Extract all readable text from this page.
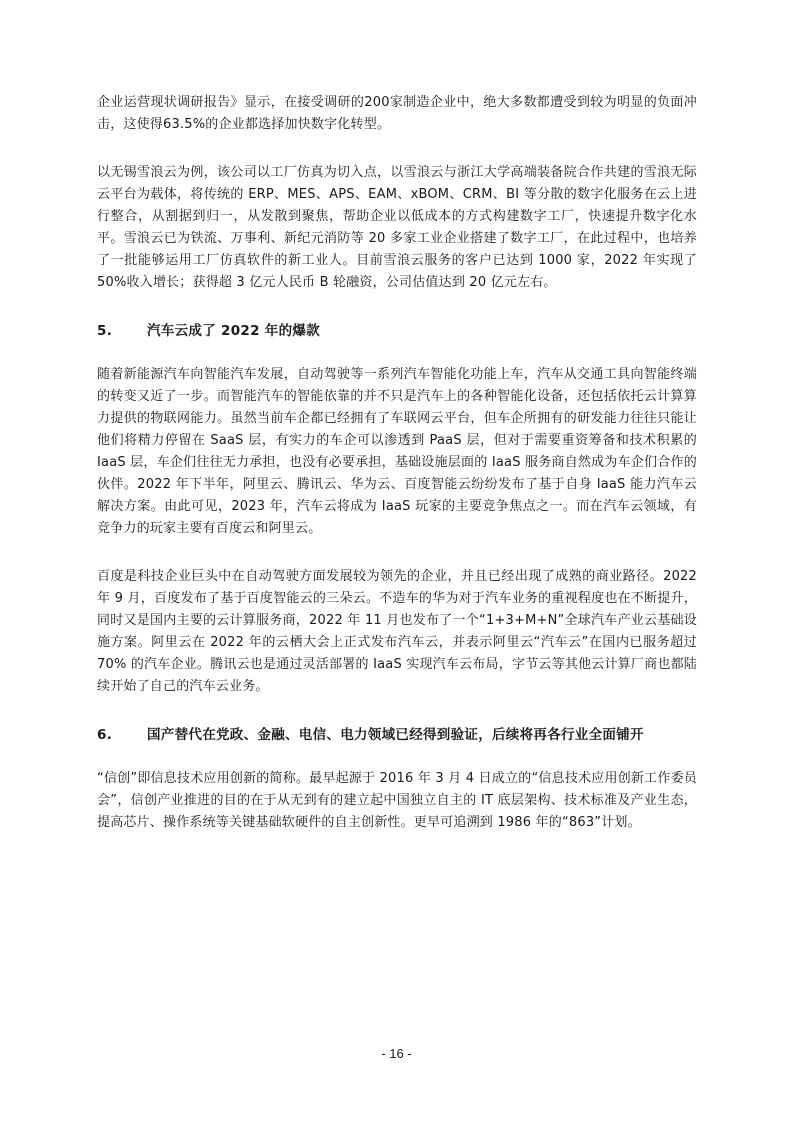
企业运营现状调研报告》显示，在接受调研的200家制造企业中，绝大多数都遭受到较为明显的负面冲击，这使得63.5%的企业都选择加快数字化转型。

以无锡雪浪云为例，该公司以工厂仿真为切入点，以雪浪云与浙江大学高端装备院合作共建的雪浪无际云平台为载体，将传统的 ERP、MES、APS、EAM、xBOM、CRM、BI 等分散的数字化服务在云上进行整合，从割据到归一，从发散到聚焦，帮助企业以低成本的方式构建数字工厂，快速提升数字化水平。雪浪云已为铁流、万事利、新纪元消防等 20 多家工业企业搭建了数字工厂，在此过程中，也培养了一批能够运用工厂仿真软件的新工业人。目前雪浪云服务的客户已达到 1000 家，2022 年实现了 50%收入增长；获得超 3 亿元人民币 B 轮融资，公司估值达到 20 亿元左右。

5.	汽车云成了 2022 年的爆款

随着新能源汽车向智能汽车发展，自动驾驶等一系列汽车智能化功能上车，汽车从交通工具向智能终端的转变又近了一步。而智能汽车的智能依靠的并不只是汽车上的各种智能化设备，还包括依托云计算算力提供的物联网能力。虽然当前车企都已经拥有了车联网云平台，但车企所拥有的研发能力往往只能让他们将精力停留在 SaaS 层，有实力的车企可以渗透到 PaaS 层，但对于需要重资筹备和技术积累的 IaaS 层，车企们往往无力承担，也没有必要承担，基础设施层面的 IaaS 服务商自然成为车企们合作的伙伴。2022 年下半年，阿里云、腾讯云、华为云、百度智能云纷纷发布了基于自身 IaaS 能力汽车云解决方案。由此可见，2023 年，汽车云将成为 IaaS 玩家的主要竞争焦点之一。而在汽车云领域，有竞争力的玩家主要有百度云和阿里云。

百度是科技企业巨头中在自动驾驶方面发展较为领先的企业，并且已经出现了成熟的商业路径。2022 年 9 月，百度发布了基于百度智能云的三朵云。不造车的华为对于汽车业务的重视程度也在不断提升，同时又是国内主要的云计算服务商，2022 年 11 月也发布了一个“1+3+M+N”全球汽车产业云基础设施方案。阿里云在 2022 年的云栖大会上正式发布汽车云，并表示阿里云“汽车云”在国内已服务超过 70% 的汽车企业。腾讯云也是通过灵活部署的 IaaS 实现汽车云布局，字节云等其他云计算厂商也都陆续开始了自己的汽车云业务。

6.	国产替代在党政、金融、电信、电力领域已经得到验证，后续将再各行业全面铺开

“信创”即信息技术应用创新的简称。最早起源于 2016 年 3 月 4 日成立的“信息技术应用创新工作委员会”，信创产业推进的目的在于从无到有的建立起中国独立自主的 IT 底层架构、技术标准及产业生态，提高芯片、操作系统等关键基础软硬件的自主创新性。更早可追溯到 1986 年的“863”计划。

- 16 -
